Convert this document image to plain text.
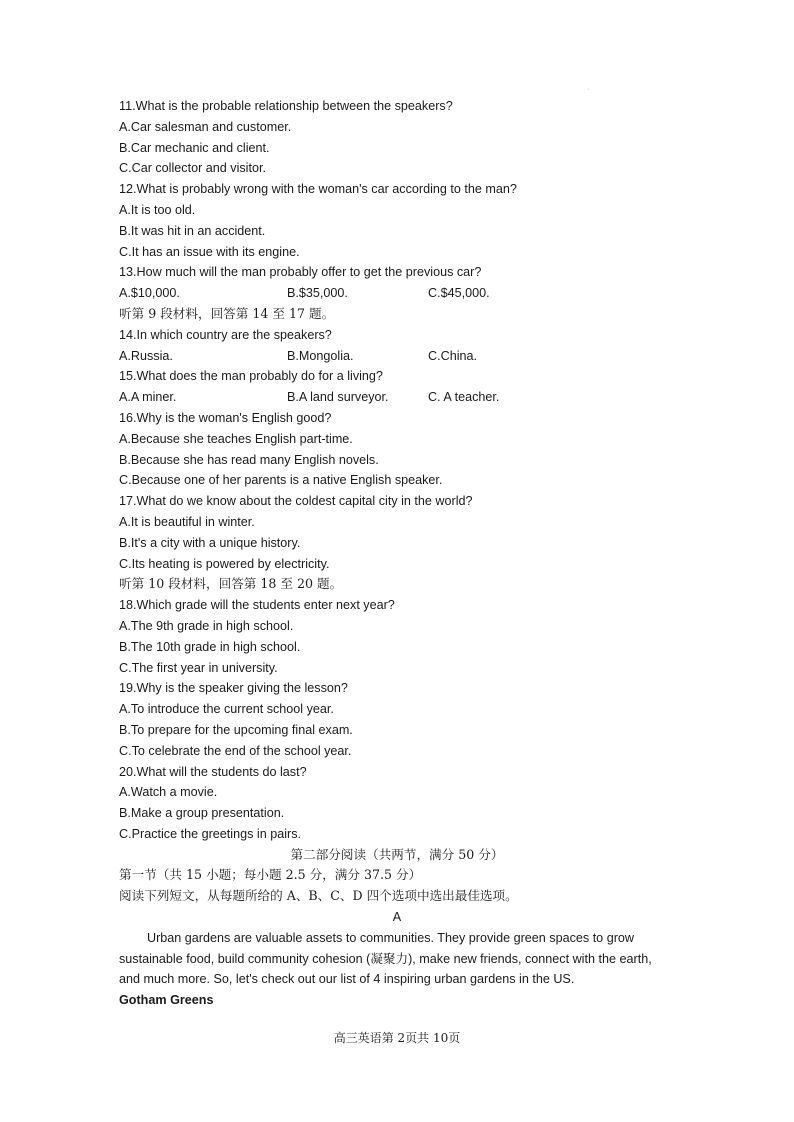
·
11.What is the probable relationship between the speakers?
A.Car salesman and customer.
B.Car mechanic and client.
C.Car collector and visitor.
12.What is probably wrong with the woman's car according to the man?
A.It is too old.
B.It was hit in an accident.
C.It has an issue with its engine.
13.How much will the man probably offer to get the previous car?
A.$10,000.	B.$35,000.	C.$45,000.
听第 9 段材料，回答第 14 至 17 题。
14.In which country are the speakers?
A.Russia.	B.Mongolia.	C.China.
15.What does the man probably do for a living?
A.A miner.	B.A land surveyor.	C. A teacher.
16.Why is the woman's English good?
A.Because she teaches English part-time.
B.Because she has read many English novels.
C.Because one of her parents is a native English speaker.
17.What do we know about the coldest capital city in the world?
A.It is beautiful in winter.
B.It's a city with a unique history.
C.Its heating is powered by electricity.
听第 10 段材料，回答第 18 至 20 题。
18.Which grade will the students enter next year?
A.The 9th grade in high school.
B.The 10th grade in high school.
C.The first year in university.
19.Why is the speaker giving the lesson?
A.To introduce the current school year.
B.To prepare for the upcoming final exam.
C.To celebrate the end of the school year.
20.What will the students do last?
A.Watch a movie.
B.Make a group presentation.
C.Practice the greetings in pairs.
第二部分阅读（共两节，满分 50 分）
第一节（共 15 小题；每小题 2.5 分，满分 37.5 分）
阅读下列短文，从每题所给的 A、B、C、D 四个选项中选出最佳选项。
A
Urban gardens are valuable assets to communities. They provide green spaces to grow
sustainable food, build community cohesion (凝聚力), make new friends, connect with the earth,
and much more. So, let's check out our list of 4 inspiring urban gardens in the US.
Gotham Greens
高三英语第 2页共 10页
